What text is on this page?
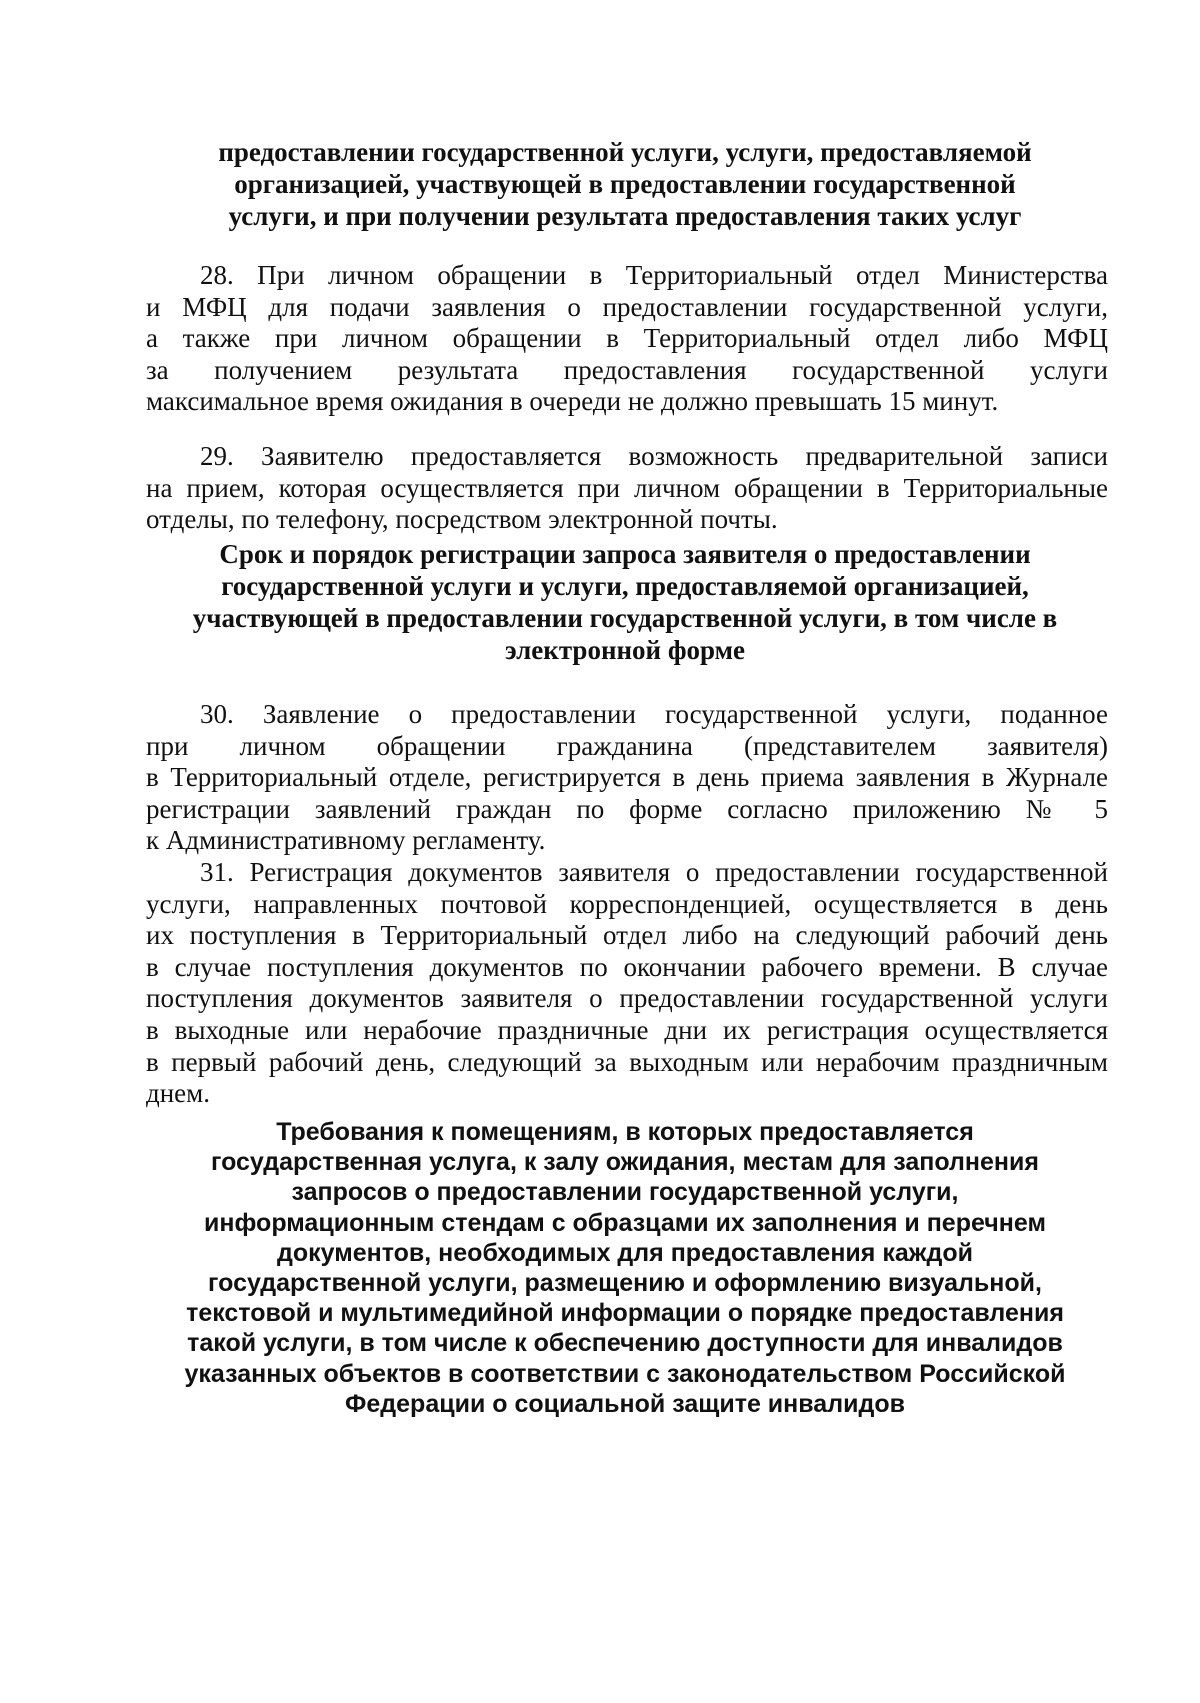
предоставлении государственной услуги, услуги, предоставляемой
организацией, участвующей в предоставлении государственной
услуги, и при получении результата предоставления таких услуг
28. При личном обращении в Территориальный отдел Министерства
и МФЦ для подачи заявления о предоставлении государственной услуги,
а также при личном обращении в Территориальный отдел либо МФЦ
за получением результата предоставления государственной услуги
максимальное время ожидания в очереди не должно превышать 15 минут.
29. Заявителю предоставляется возможность предварительной записи
на прием, которая осуществляется при личном обращении в Территориальные
отделы, по телефону, посредством электронной почты.
Срок и порядок регистрации запроса заявителя о предоставлении
государственной услуги и услуги, предоставляемой организацией,
участвующей в предоставлении государственной услуги, в том числе в
электронной форме
30. Заявление о предоставлении государственной услуги, поданное
при личном обращении гражданина (представителем заявителя)
в Территориальный отделе, регистрируется в день приема заявления в Журнале
регистрации заявлений граждан по форме согласно приложению № 5
к Административному регламенту.
31. Регистрация документов заявителя о предоставлении государственной
услуги, направленных почтовой корреспонденцией, осуществляется в день
их поступления в Территориальный отдел либо на следующий рабочий день
в случае поступления документов по окончании рабочего времени. В случае
поступления документов заявителя о предоставлении государственной услуги
в выходные или нерабочие праздничные дни их регистрация осуществляется
в первый рабочий день, следующий за выходным или нерабочим праздничным
днем.
Требования к помещениям, в которых предоставляется
государственная услуга, к залу ожидания, местам для заполнения
запросов о предоставлении государственной услуги,
информационным стендам с образцами их заполнения и перечнем
документов, необходимых для предоставления каждой
государственной услуги, размещению и оформлению визуальной,
текстовой и мультимедийной информации о порядке предоставления
такой услуги, в том числе к обеспечению доступности для инвалидов
указанных объектов в соответствии с законодательством Российской
Федерации о социальной защите инвалидов
